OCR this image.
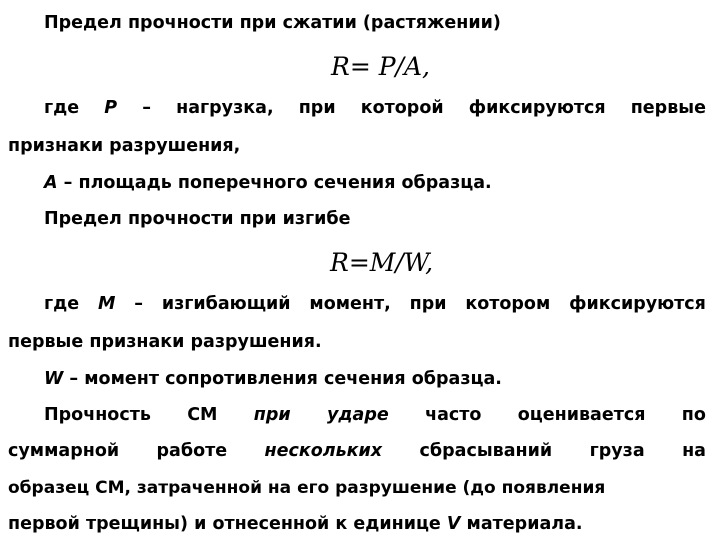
Предел прочности при сжатии (растяжении)
R= P/A,
где P – нагрузка, при которой фиксируются первые
признаки разрушения,
А – площадь поперечного сечения образца.
Предел прочности при изгибе
R=M/W,
где М – изгибающий момент, при котором фиксируются
первые признаки разрушения.
W – момент сопротивления сечения образца.
Прочность СМ при ударе часто оценивается по
суммарной работе нескольких сбрасываний груза на
образец СМ, затраченной на его разрушение (до появления
первой трещины) и отнесенной к единице V материала.
